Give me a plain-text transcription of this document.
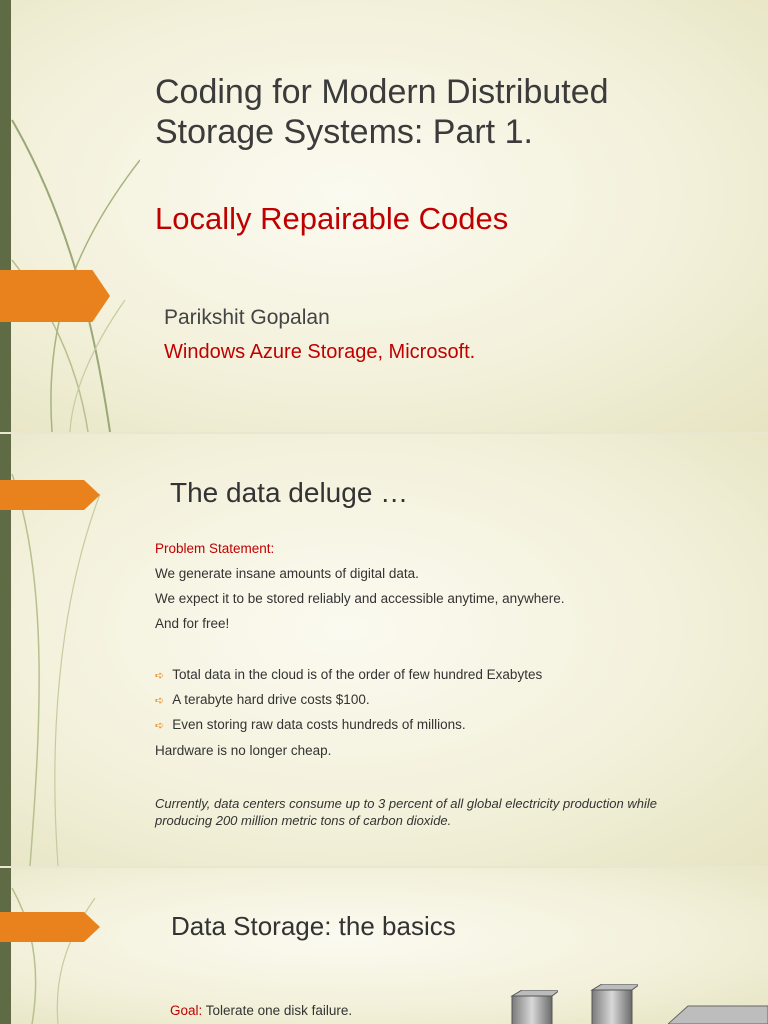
Coding for Modern Distributed
Storage Systems: Part 1.
Locally Repairable Codes
Parikshit Gopalan
Windows Azure Storage, Microsoft.
The data deluge …
Problem Statement:
We generate insane amounts of digital data.
We expect it to be stored reliably and accessible anytime, anywhere.
And for free!
➪ Total data in the cloud is of the order of few hundred Exabytes
➪ A terabyte hard drive costs $100.
➪ Even storing raw data costs hundreds of millions.
Hardware is no longer cheap.
Currently, data centers consume up to 3 percent of all global electricity production while producing 200 million metric tons of carbon dioxide.
Data Storage: the basics
Goal: Tolerate one disk failure.
